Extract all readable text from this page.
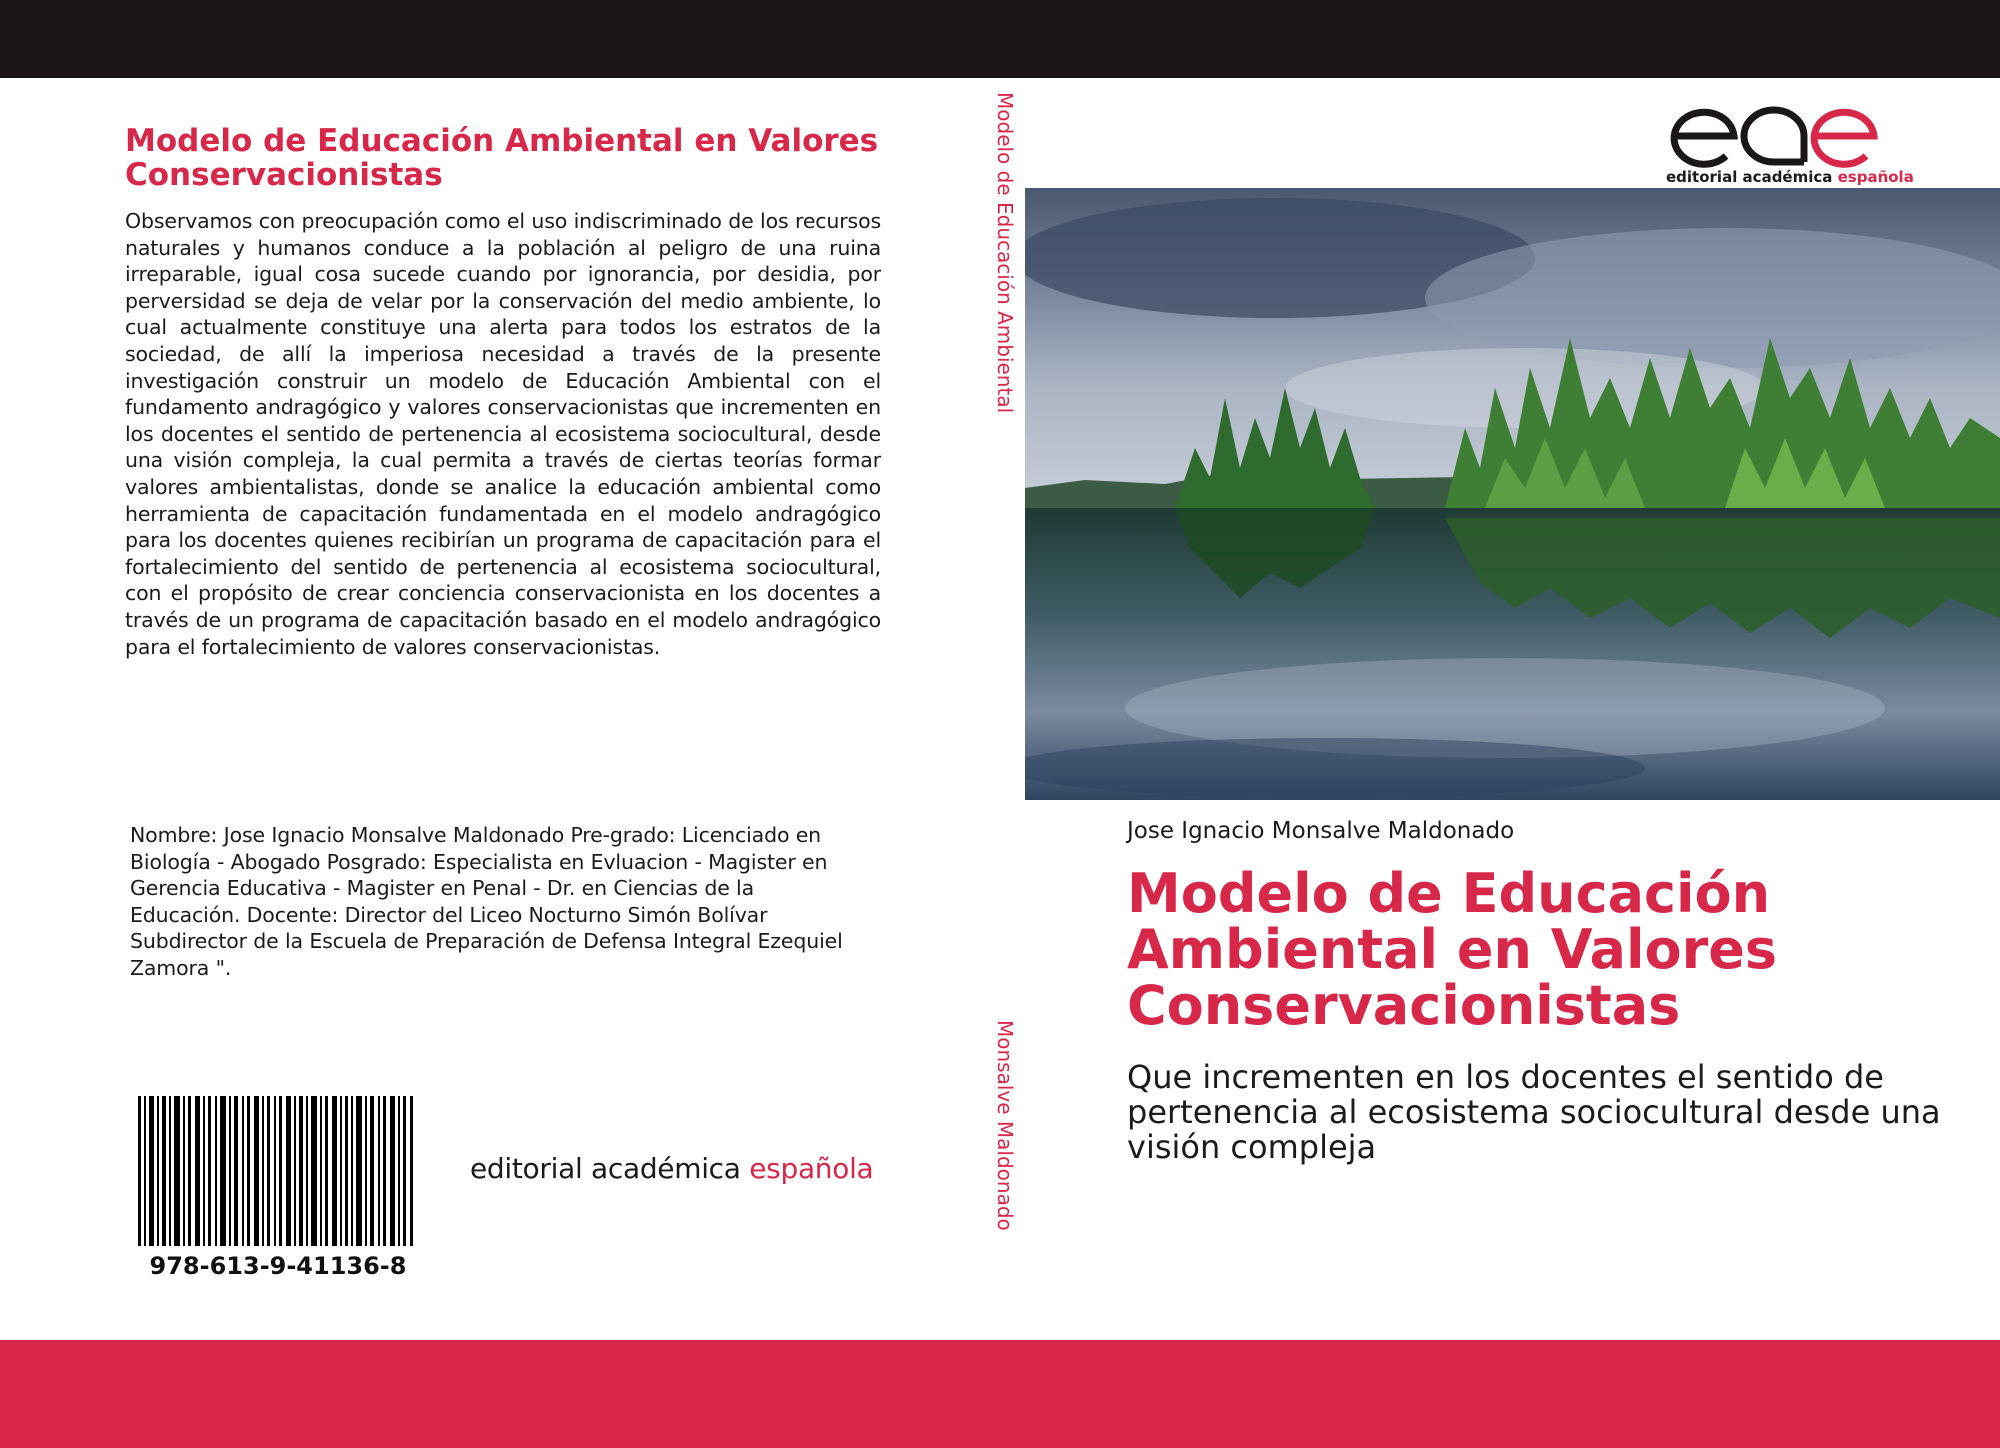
Modelo de Educación Ambiental en Valores Conservacionistas
Observamos con preocupación como el uso indiscriminado de los recursos naturales y humanos conduce a la población al peligro de una ruina irreparable, igual cosa sucede cuando por ignorancia, por desidia, por perversidad se deja de velar por la conservación del medio ambiente, lo cual actualmente constituye una alerta para todos los estratos de la sociedad, de allí la imperiosa necesidad a través de la presente investigación construir un modelo de Educación Ambiental con el fundamento andragógico y valores conservacionistas que incrementen en los docentes el sentido de pertenencia al ecosistema sociocultural, desde una visión compleja, la cual permita a través de ciertas teorías formar valores ambientalistas, donde se analice la educación ambiental como herramienta de capacitación fundamentada en el modelo andragógico para los docentes quienes recibirían un programa de capacitación para el fortalecimiento del sentido de pertenencia al ecosistema sociocultural, con el propósito de crear conciencia conservacionista en los docentes a través de un programa de capacitación basado en el modelo andragógico para el fortalecimiento de valores conservacionistas.
Nombre: Jose Ignacio Monsalve Maldonado Pre-grado: Licenciado en Biología - Abogado Posgrado: Especialista en Evluacion - Magister en Gerencia Educativa - Magister en Penal - Dr. en Ciencias de la Educación. Docente: Director del Liceo Nocturno Simón Bolívar Subdirector de la Escuela de Preparación de Defensa Integral Ezequiel Zamora ".
978-613-9-41136-8
editorial académica española
Modelo de Educación Ambiental
Monsalve Maldonado
editorial académica española
Jose Ignacio Monsalve Maldonado
Modelo de Educación Ambiental en Valores Conservacionistas
Que incrementen en los docentes el sentido de pertenencia al ecosistema sociocultural desde una visión compleja
